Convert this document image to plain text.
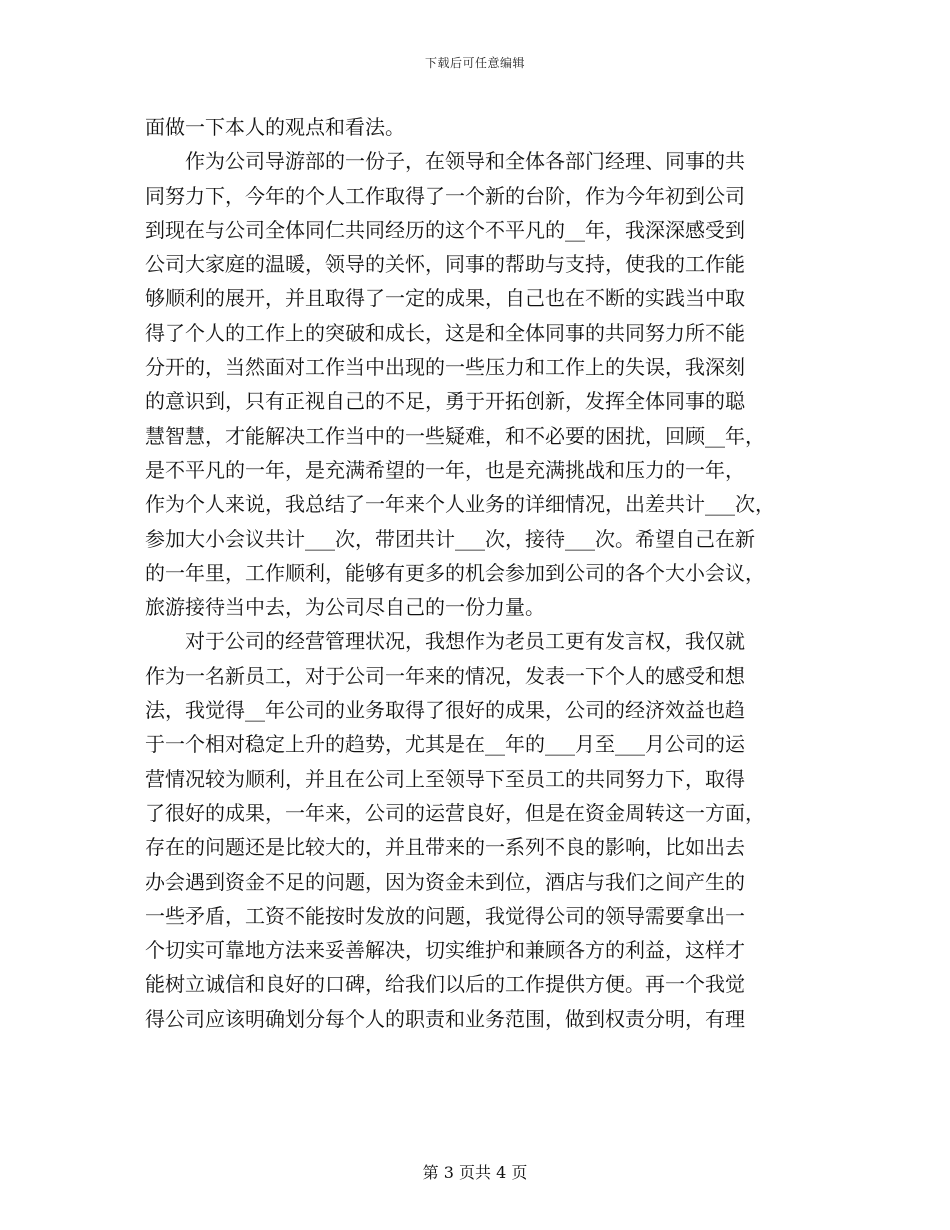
下载后可任意编辑
面做一下本人的观点和看法。
　　作为公司导游部的一份子，在领导和全体各部门经理、同事的共
同努力下，今年的个人工作取得了一个新的台阶，作为今年初到公司
到现在与公司全体同仁共同经历的这个不平凡的__年，我深深感受到
公司大家庭的温暖，领导的关怀，同事的帮助与支持，使我的工作能
够顺利的展开，并且取得了一定的成果，自己也在不断的实践当中取
得了个人的工作上的突破和成长，这是和全体同事的共同努力所不能
分开的，当然面对工作当中出现的一些压力和工作上的失误，我深刻
的意识到，只有正视自己的不足，勇于开拓创新，发挥全体同事的聪
慧智慧，才能解决工作当中的一些疑难，和不必要的困扰，回顾__年，
是不平凡的一年，是充满希望的一年，也是充满挑战和压力的一年，
作为个人来说，我总结了一年来个人业务的详细情况，出差共计___次，
参加大小会议共计___次，带团共计___次，接待___次。希望自己在新
的一年里，工作顺利，能够有更多的机会参加到公司的各个大小会议，
旅游接待当中去，为公司尽自己的一份力量。
　　对于公司的经营管理状况，我想作为老员工更有发言权，我仅就
作为一名新员工，对于公司一年来的情况，发表一下个人的感受和想
法，我觉得__年公司的业务取得了很好的成果，公司的经济效益也趋
于一个相对稳定上升的趋势，尤其是在__年的___月至___月公司的运
营情况较为顺利，并且在公司上至领导下至员工的共同努力下，取得
了很好的成果，一年来，公司的运营良好，但是在资金周转这一方面，
存在的问题还是比较大的，并且带来的一系列不良的影响，比如出去
办会遇到资金不足的问题，因为资金未到位，酒店与我们之间产生的
一些矛盾，工资不能按时发放的问题，我觉得公司的领导需要拿出一
个切实可靠地方法来妥善解决，切实维护和兼顾各方的利益，这样才
能树立诚信和良好的口碑，给我们以后的工作提供方便。再一个我觉
得公司应该明确划分每个人的职责和业务范围，做到权责分明，有理
第 3 页共 4 页
